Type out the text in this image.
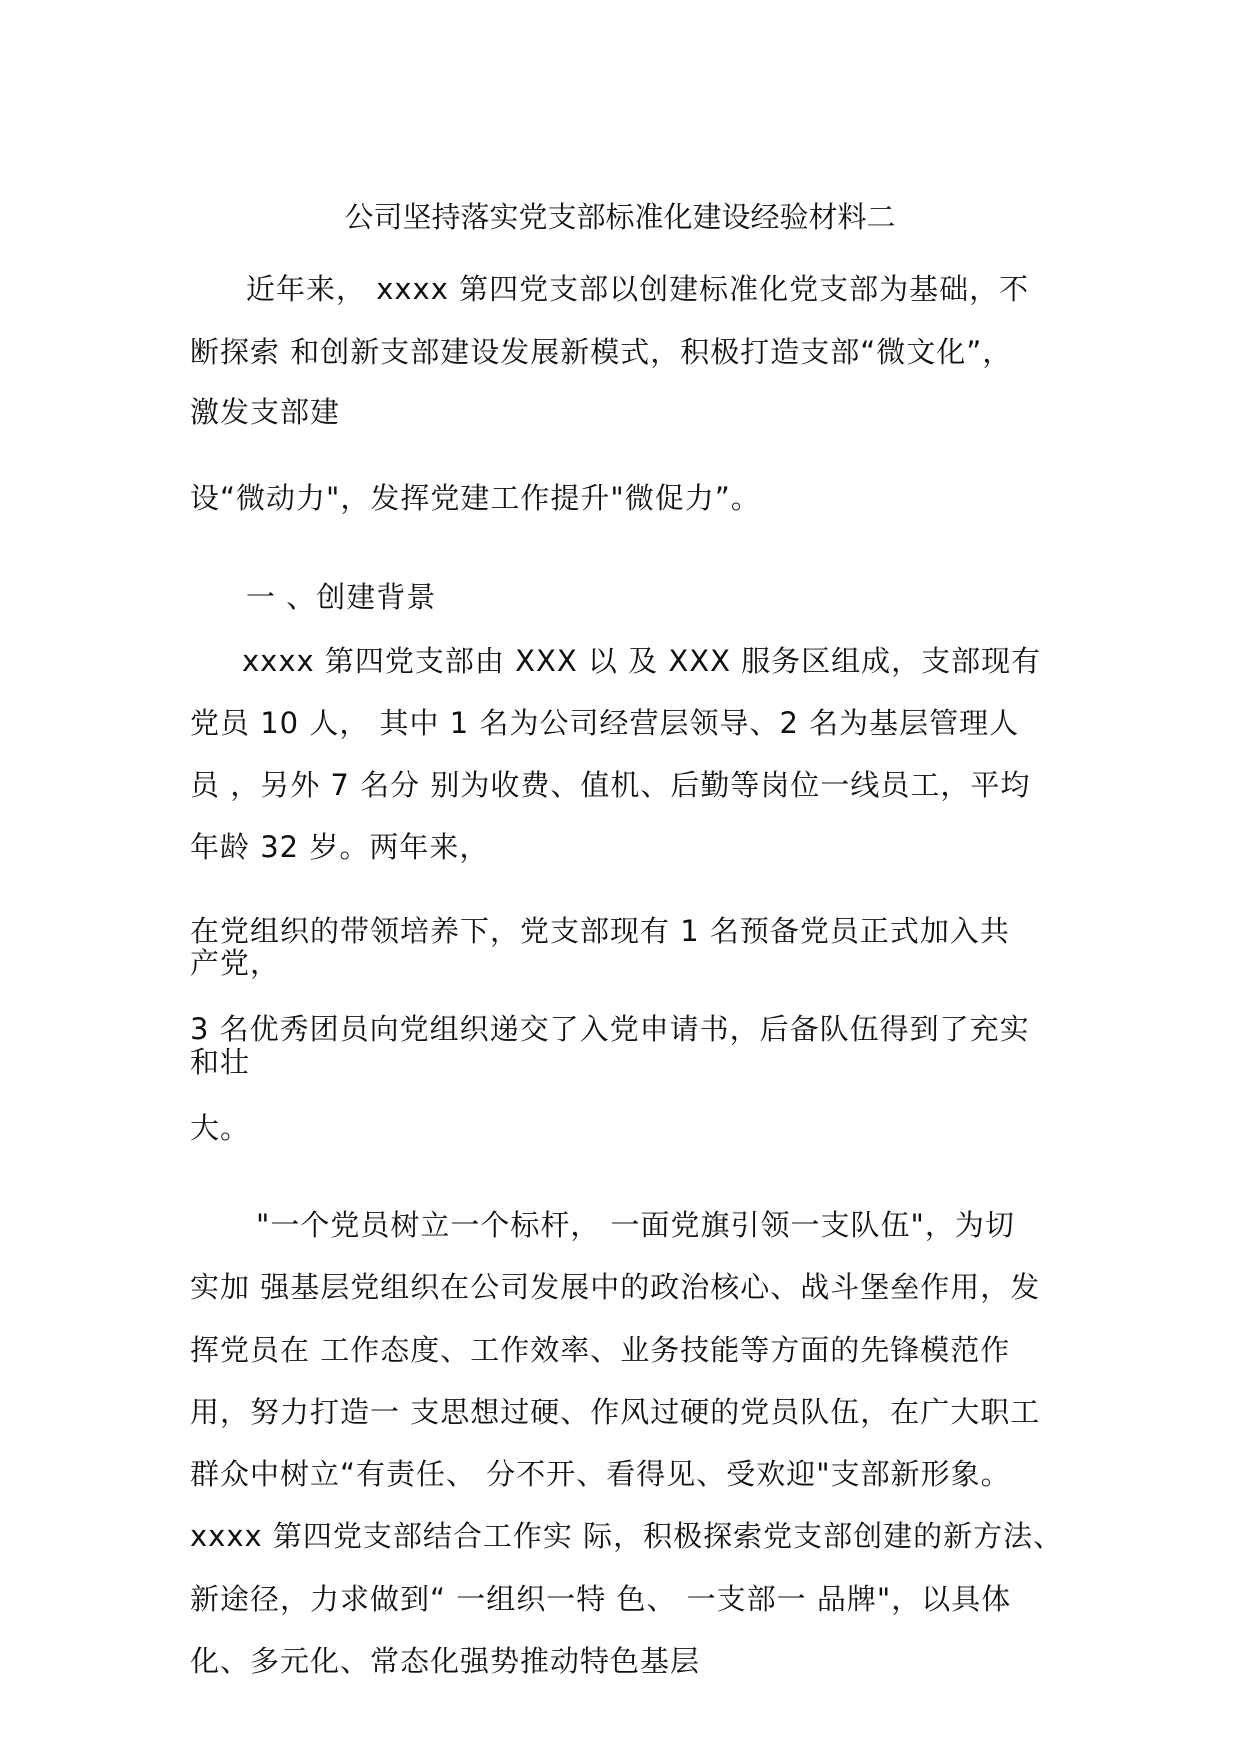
公司坚持落实党支部标准化建设经验材料二
近年来， xxxx 第四党支部以创建标准化党支部为基础，不
断探索 和创新支部建设发展新模式，积极打造支部“微文化”，
激发支部建
设“微动力"，发挥党建工作提升"微促力”。
一 、创建背景
xxxx 第四党支部由 XXX 以 及 XXX 服务区组成，支部现有
党员 10 人， 其中 1 名为公司经营层领导、2 名为基层管理人
员 ，另外 7 名分 别为收费、值机、后勤等岗位一线员工，平均
年龄 32 岁。两年来，
在党组织的带领培养下，党支部现有 1 名预备党员正式加入共
产党，
3 名优秀团员向党组织递交了入党申请书，后备队伍得到了充实
和壮
大。
"一个党员树立一个标杆， 一面党旗引领一支队伍"，为切
实加 强基层党组织在公司发展中的政治核心、战斗堡垒作用，发
挥党员在 工作态度、工作效率、业务技能等方面的先锋模范作
用，努力打造一 支思想过硬、作风过硬的党员队伍，在广大职工
群众中树立“有责任、 分不开、看得见、受欢迎"支部新形象。
xxxx 第四党支部结合工作实 际，积极探索党支部创建的新方法、
新途径，力求做到“ 一组织一特 色、 一支部一 品牌"，以具体
化、多元化、常态化强势推动特色基层
